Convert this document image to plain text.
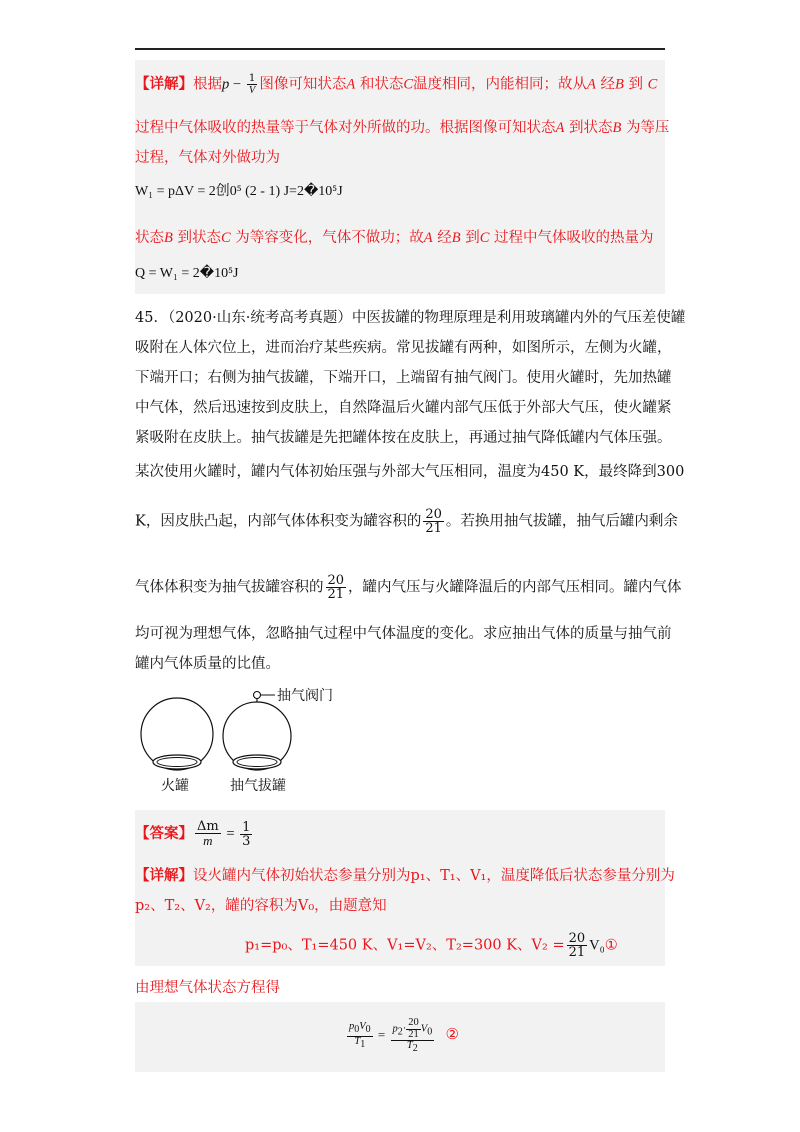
【详解】根据$p - \frac{1}{V}$ 图像可知状态A 和状态C温度相同，内能相同；故从A 经B 到 C
过程中气体吸收的热量等于气体对外所做的功。根据图像可知状态A 到状态B 为等压
过程，气体对外做功为
W₁ = pΔV = 2创0⁵ (2 - 1) J=2�10⁵J
状态B 到状态C 为等容变化，气体不做功；故A 经B 到C 过程中气体吸收的热量为
Q = W₁ = 2�10⁵J
45．（2020·山东·统考高考真题）中医拔罐的物理原理是利用玻璃罐内外的气压差使罐
吸附在人体穴位上，进而治疗某些疾病。常见拔罐有两种，如图所示，左侧为火罐，
下端开口；右侧为抽气拔罐，下端开口，上端留有抽气阀门。使用火罐时，先加热罐
中气体，然后迅速按到皮肤上，自然降温后火罐内部气压低于外部大气压，使火罐紧
紧吸附在皮肤上。抽气拔罐是先把罐体按在皮肤上，再通过抽气降低罐内气体压强。
某次使用火罐时，罐内气体初始压强与外部大气压相同，温度为450 K，最终降到300
K，因皮肤凸起，内部气体体积变为罐容积的 $\frac{20}{21}$ 。若换用抽气拔罐，抽气后罐内剩余
气体体积变为抽气拔罐容积的 $\frac{20}{21}$ ，罐内气压与火罐降温后的内部气压相同。罐内气体
均可视为理想气体，忽略抽气过程中气体温度的变化。求应抽出气体的质量与抽气前
罐内气体质量的比值。
抽气阀门
火罐	抽气拔罐
【答案】 $\frac{\Delta m}{m} = \frac{1}{3}$
【详解】设火罐内气体初始状态参量分别为p₁、T₁、V₁，温度降低后状态参量分别为
p₂、T₂、V₂，罐的容积为V₀，由题意知
p₁=p₀、T₁=450 K、V₁=V₂、T₂=300 K、$V_2 = \frac{20}{21}$ V₀①
由理想气体状态方程得
$\frac{p_0V_0}{T_1} = \frac{p_2\cdot \frac{20}{21} V_0}{T_2}$ ②
